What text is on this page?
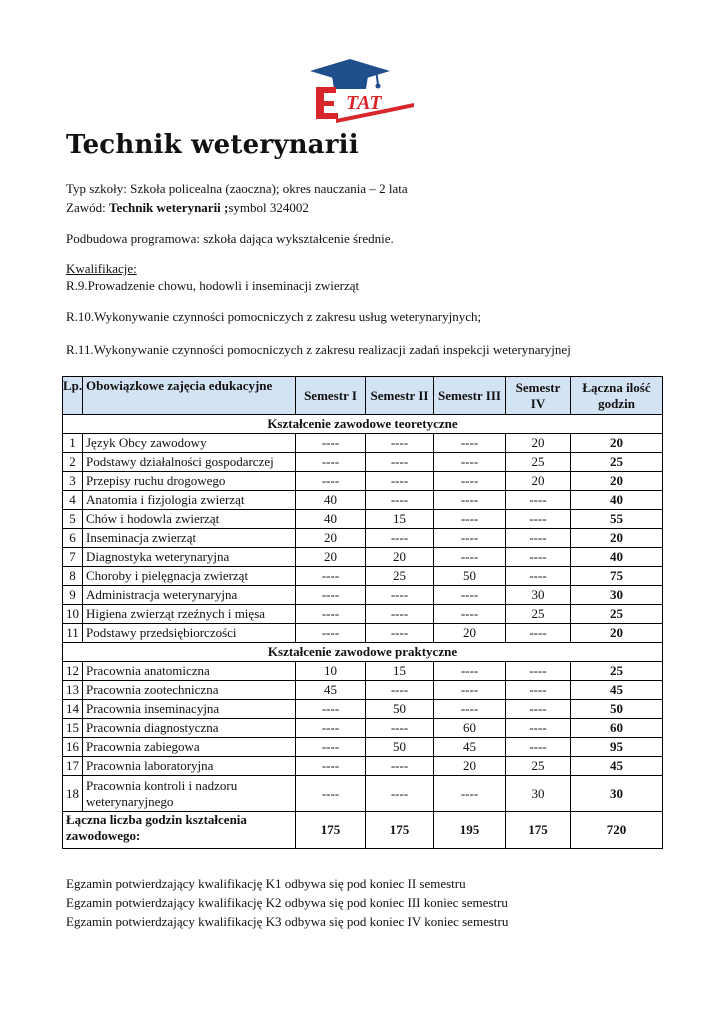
TAT
Technik weterynarii

Typ szkoły: Szkoła policealna (zaoczna); okres nauczania – 2 lata

Zawód: Technik weterynarii ;symbol 324002

Podbudowa programowa: szkoła dająca wykształcenie średnie.

Kwalifikacje:

R.9.Prowadzenie chowu, hodowli i inseminacji zwierząt

R.10.Wykonywanie czynności pomocniczych z zakresu usług weterynaryjnych;

R.11.Wykonywanie czynności pomocniczych z zakresu realizacji zadań inspekcji weterynaryjnej

Lp.	Obowiązkowe zajęcia edukacyjne	Semestr I	Semestr II	Semestr III	Semestr IV	Łączna ilość godzin
Kształcenie zawodowe teoretyczne						
1	Język Obcy zawodowy	----	----	----	20	20
2	Podstawy działalności gospodarczej	----	----	----	25	25
3	Przepisy ruchu drogowego	----	----	----	20	20
4	Anatomia i fizjologia zwierząt	40	----	----	----	40
5	Chów i hodowla zwierząt	40	15	----	----	55
6	Inseminacja zwierząt	20	----	----	----	20
7	Diagnostyka weterynaryjna	20	20	----	----	40
8	Choroby i pielęgnacja zwierząt	----	25	50	----	75
9	Administracja weterynaryjna	----	----	----	30	30
10	Higiena zwierząt rzeźnych i mięsa	----	----	----	25	25
11	Podstawy przedsiębiorczości	----	----	20	----	20
Kształcenie zawodowe praktyczne						
12	Pracownia anatomiczna	10	15	----	----	25
13	Pracownia zootechniczna	45	----	----	----	45
14	Pracownia inseminacyjna	----	50	----	----	50
15	Pracownia diagnostyczna	----	----	60	----	60
16	Pracownia zabiegowa	----	50	45	----	95
17	Pracownia laboratoryjna	----	----	20	25	45
18	Pracownia kontroli i nadzoru weterynaryjnego	----	----	----	30	30
Łączna liczba godzin kształcenia zawodowego:		175	175	195	175	720

Egzamin potwierdzający kwalifikację K1 odbywa się pod koniec II semestru

Egzamin potwierdzający kwalifikację K2 odbywa się pod koniec III koniec semestru

Egzamin potwierdzający kwalifikację K3 odbywa się pod koniec IV koniec semestru
